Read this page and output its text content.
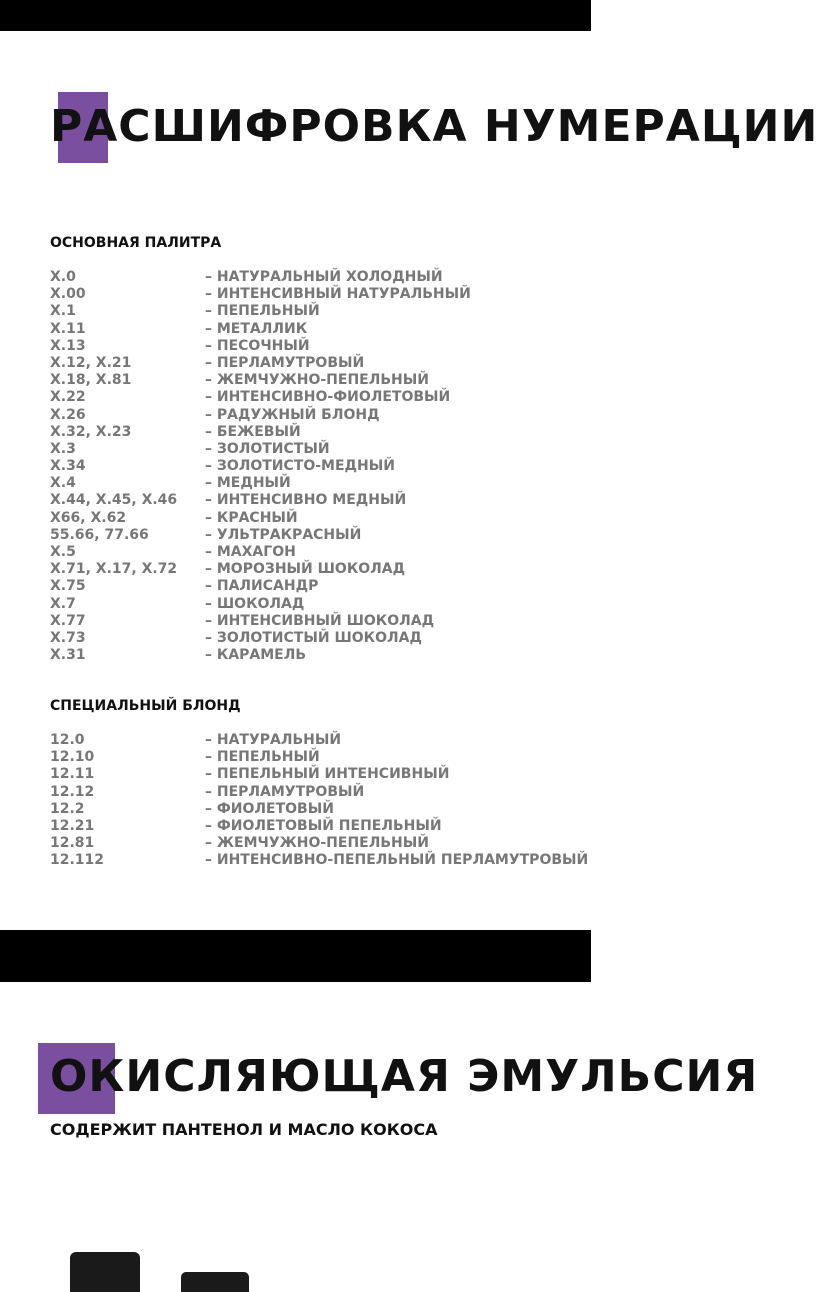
РАСШИФРОВКА НУМЕРАЦИИ
ОСНОВНАЯ ПАЛИТРА
X.0	– НАТУРАЛЬНЫЙ ХОЛОДНЫЙ
X.00	– ИНТЕНСИВНЫЙ НАТУРАЛЬНЫЙ
X.1	– ПЕПЕЛЬНЫЙ
X.11	– МЕТАЛЛИК
X.13	– ПЕСОЧНЫЙ
X.12, X.21	– ПЕРЛАМУТРОВЫЙ
X.18, X.81	– ЖЕМЧУЖНО-ПЕПЕЛЬНЫЙ
X.22	– ИНТЕНСИВНО-ФИОЛЕТОВЫЙ
X.26	– РАДУЖНЫЙ БЛОНД
X.32, X.23	– БЕЖЕВЫЙ
X.3	– ЗОЛОТИСТЫЙ
X.34	– ЗОЛОТИСТО-МЕДНЫЙ
X.4	– МЕДНЫЙ
X.44, X.45, X.46 – ИНТЕНСИВНО МЕДНЫЙ
X66, X.62	– КРАСНЫЙ
55.66, 77.66	– УЛЬТРАКРАСНЫЙ
X.5	– МАХАГОН
X.71, X.17, X.72 – МОРОЗНЫЙ ШОКОЛАД
X.75	– ПАЛИСАНДР
X.7	– ШОКОЛАД
X.77	– ИНТЕНСИВНЫЙ ШОКОЛАД
X.73	– ЗОЛОТИСТЫЙ ШОКОЛАД
X.31	– КАРАМЕЛЬ
СПЕЦИАЛЬНЫЙ БЛОНД
12.0	– НАТУРАЛЬНЫЙ
12.10	– ПЕПЕЛЬНЫЙ
12.11	– ПЕПЕЛЬНЫЙ ИНТЕНСИВНЫЙ
12.12	– ПЕРЛАМУТРОВЫЙ
12.2	– ФИОЛЕТОВЫЙ
12.21	– ФИОЛЕТОВЫЙ ПЕПЕЛЬНЫЙ
12.81	– ЖЕМЧУЖНО-ПЕПЕЛЬНЫЙ
12.112	– ИНТЕНСИВНО-ПЕПЕЛЬНЫЙ ПЕРЛАМУТРОВЫЙ
ОКИСЛЯЮЩАЯ ЭМУЛЬСИЯ
СОДЕРЖИТ ПАНТЕНОЛ И МАСЛО КОКОСА
